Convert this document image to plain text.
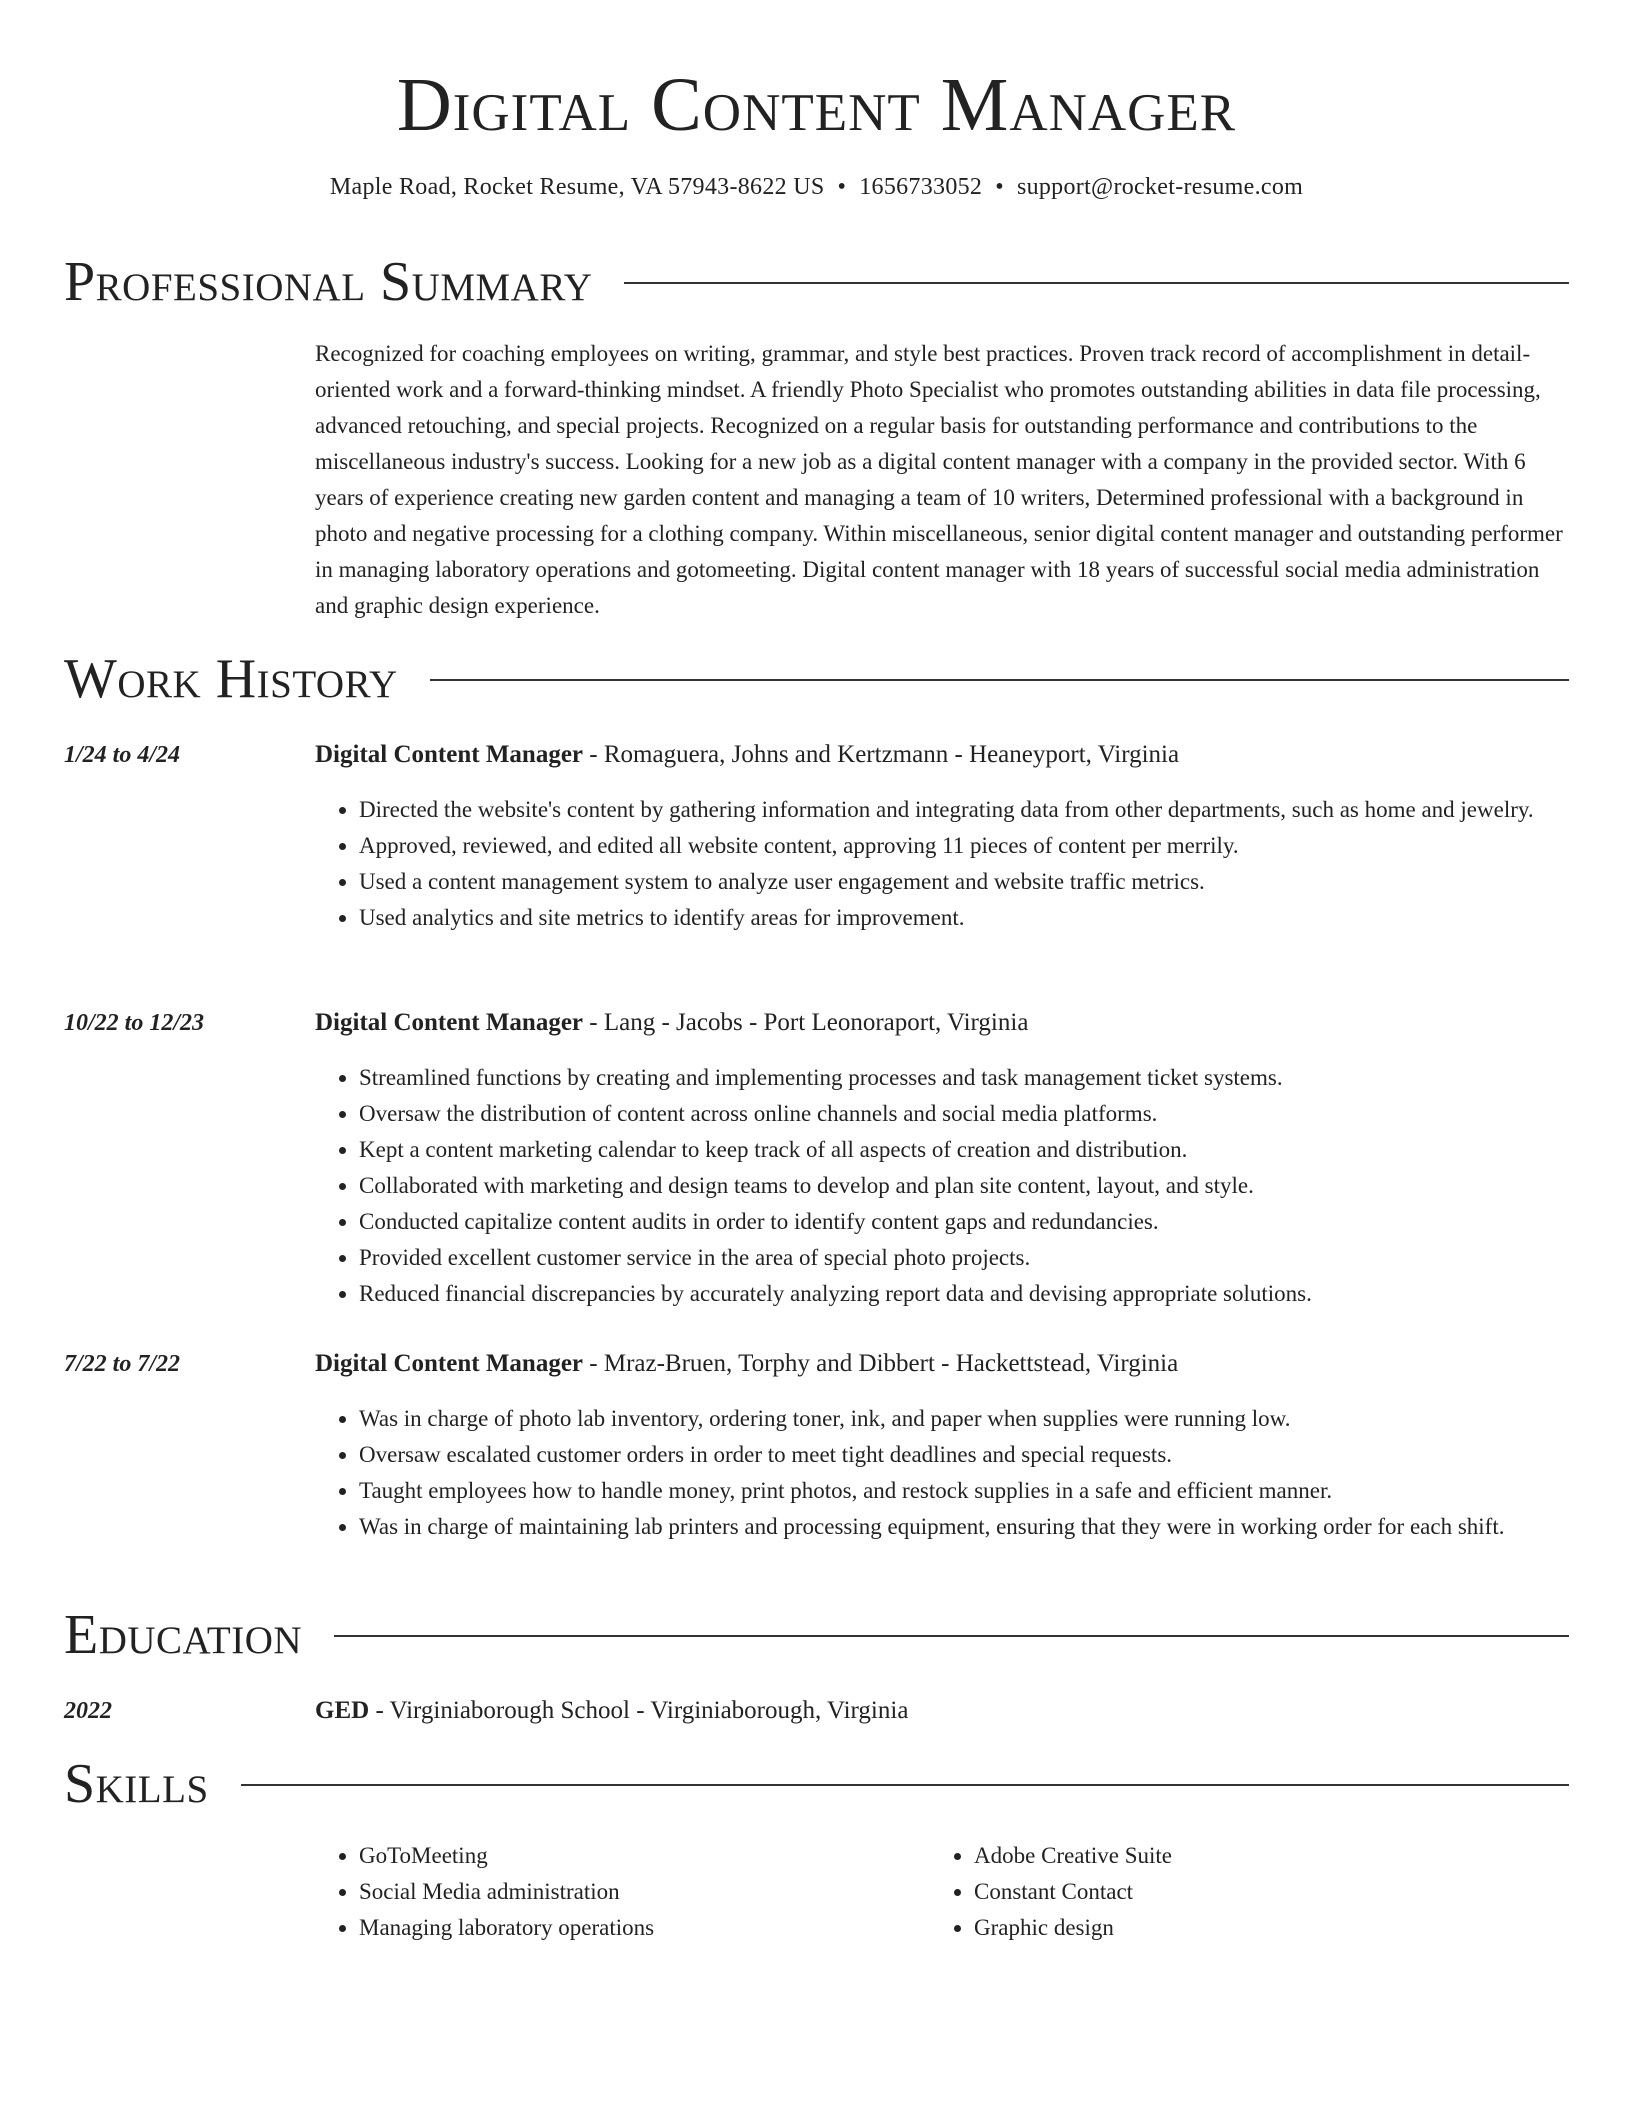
Digital Content Manager
Maple Road, Rocket Resume, VA 57943-8622 US • 1656733052 • support@rocket-resume.com
Professional Summary

Recognized for coaching employees on writing, grammar, and style best practices. Proven track record of accomplishment in detail-oriented work and a forward-thinking mindset. A friendly Photo Specialist who promotes outstanding abilities in data file processing, advanced retouching, and special projects. Recognized on a regular basis for outstanding performance and contributions to the miscellaneous industry's success. Looking for a new job as a digital content manager with a company in the provided sector. With 6 years of experience creating new garden content and managing a team of 10 writers, Determined professional with a background in photo and negative processing for a clothing company. Within miscellaneous, senior digital content manager and outstanding performer in managing laboratory operations and gotomeeting. Digital content manager with 18 years of successful social media administration and graphic design experience.

Work History
1/24 to 4/24	Digital Content Manager - Romaguera, Johns and Kertzmann - Heaneyport, Virginia
• Directed the website's content by gathering information and integrating data from other departments, such as home and jewelry.
• Approved, reviewed, and edited all website content, approving 11 pieces of content per merrily.
• Used a content management system to analyze user engagement and website traffic metrics.
• Used analytics and site metrics to identify areas for improvement.
10/22 to 12/23	Digital Content Manager - Lang - Jacobs - Port Leonoraport, Virginia
• Streamlined functions by creating and implementing processes and task management ticket systems.
• Oversaw the distribution of content across online channels and social media platforms.
• Kept a content marketing calendar to keep track of all aspects of creation and distribution.
• Collaborated with marketing and design teams to develop and plan site content, layout, and style.
• Conducted capitalize content audits in order to identify content gaps and redundancies.
• Provided excellent customer service in the area of special photo projects.
• Reduced financial discrepancies by accurately analyzing report data and devising appropriate solutions.
7/22 to 7/22	Digital Content Manager - Mraz-Bruen, Torphy and Dibbert - Hackettstead, Virginia
• Was in charge of photo lab inventory, ordering toner, ink, and paper when supplies were running low.
• Oversaw escalated customer orders in order to meet tight deadlines and special requests.
• Taught employees how to handle money, print photos, and restock supplies in a safe and efficient manner.
• Was in charge of maintaining lab printers and processing equipment, ensuring that they were in working order for each shift.
Education
2022	GED - Virginiaborough School - Virginiaborough, Virginia
Skills
• GoToMeeting
• Social Media administration
• Managing laboratory operations
• Adobe Creative Suite
• Constant Contact
• Graphic design
